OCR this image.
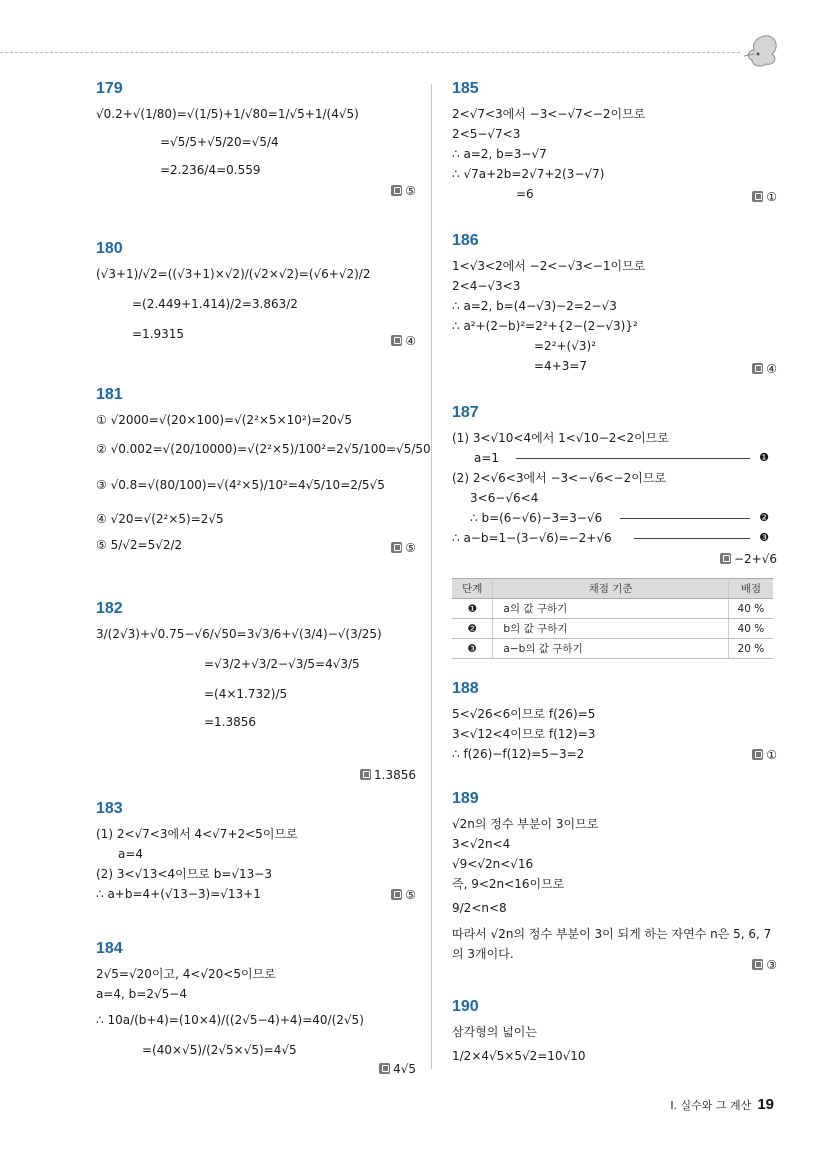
179
√0.2+√(1/80)=√(1/5)+1/√80=1/√5+1/(4√5)
=√5/5+√5/20=√5/4
=2.236/4=0.559
⑤
180
(√3+1)/√2=((√3+1)×√2)/(√2×√2)=(√6+√2)/2
=(2.449+1.414)/2=3.863/2
=1.9315	④
181
① √2000=√(20×100)=√(2²×5×10²)=20√5
② √0.002=√(20/10000)=√(2²×5)/100²=2√5/100=√5/50
③ √0.8=√(80/100)=√(4²×5)/10²=4√5/10=2/5√5
④ √20=√(2²×5)=2√5
⑤ 5/√2=5√2/2	⑤
182
3/(2√3)+√0.75−√6/√50=3√3/6+√(3/4)−√(3/25)
=√3/2+√3/2−√3/5=4√3/5
=(4×1.732)/5
=1.3856
1.3856
183
(1) 2<√7<3에서 4<√7+2<5이므로
a=4
(2) 3<√13<4이므로 b=√13−3
∴ a+b=4+(√13−3)=√13+1	⑤
184
2√5=√20이고, 4<√20<5이므로
a=4, b=2√5−4
∴ 10a/(b+4)=(10×4)/((2√5−4)+4)=40/(2√5)
=(40×√5)/(2√5×√5)=4√5
4√5
185
2<√7<3에서 −3<−√7<−2이므로
2<5−√7<3
∴ a=2, b=3−√7
∴ √7a+2b=2√7+2(3−√7)
=6	①
186
1<√3<2에서 −2<−√3<−1이므로
2<4−√3<3
∴ a=2, b=(4−√3)−2=2−√3
∴ a²+(2−b)²=2²+{2−(2−√3)}²
=2²+(√3)²
=4+3=7	④
187
(1) 3<√10<4에서 1<√10−2<2이므로
a=1	❶
(2) 2<√6<3에서 −3<−√6<−2이므로
3<6−√6<4
∴ b=(6−√6)−3=3−√6	❷
∴ a−b=1−(3−√6)=−2+√6	❸
−2+√6
단계	채점 기준	배점
❶	a의 값 구하기	40 %
❷	b의 값 구하기	40 %
❸	a−b의 값 구하기	20 %
188
5<√26<6이므로 f(26)=5
3<√12<4이므로 f(12)=3
∴ f(26)−f(12)=5−3=2	①
189
√2n의 정수 부분이 3이므로
3<√2n<4
√9<√2n<√16
즉, 9<2n<16이므로
9/2<n<8
따라서 √2n의 정수 부분이 3이 되게 하는 자연수 n은 5, 6, 7
의 3개이다.
③
190
삼각형의 넓이는
1/2×4√5×5√2=10√10
Ⅰ. 실수와 그 계산 19
